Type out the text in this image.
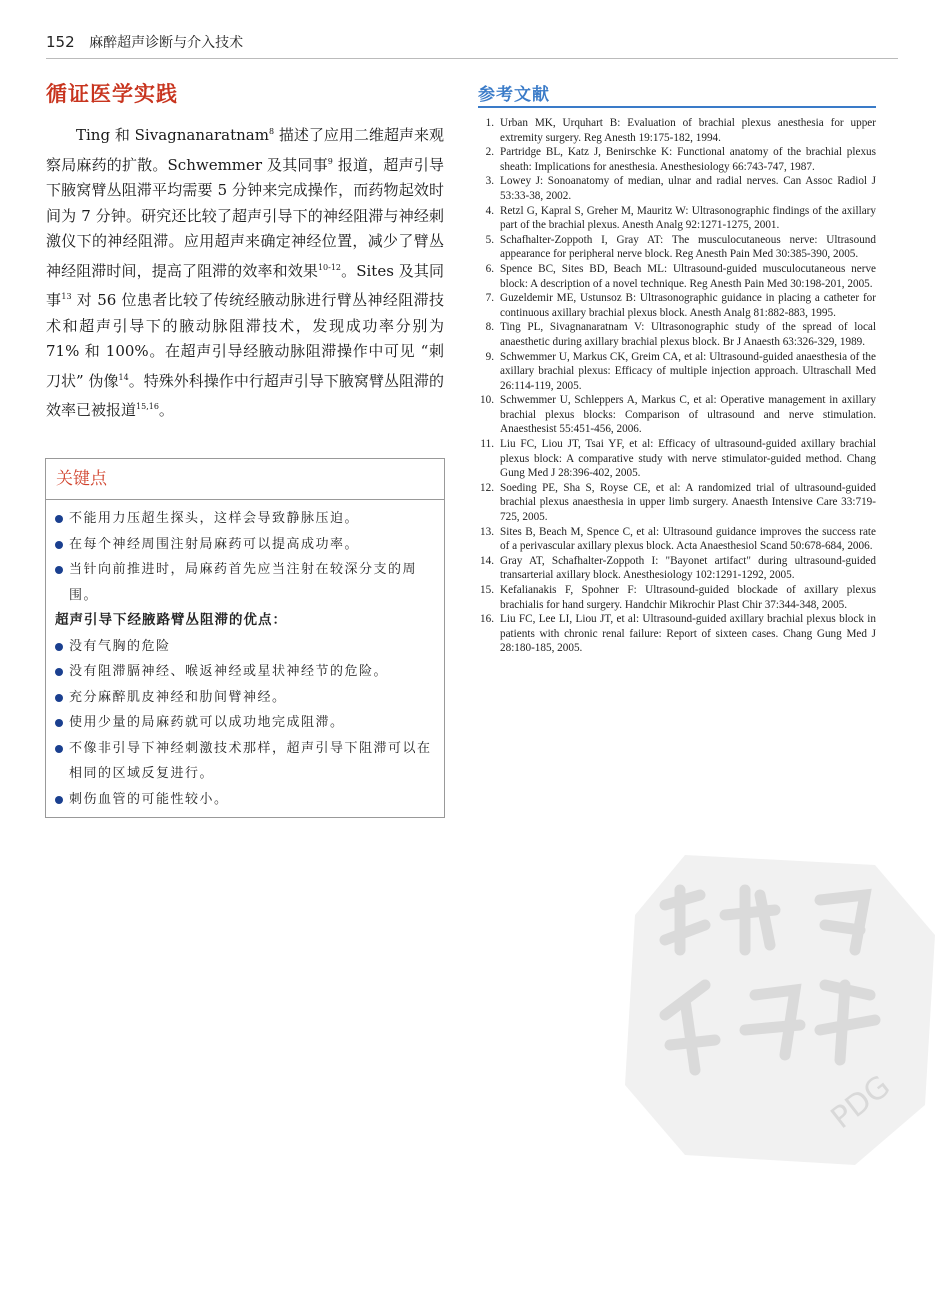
152 麻醉超声诊断与介入技术
循证医学实践
Ting 和 Sivagnanaratnam$^8$ 描述了应用二维超声来观察局麻药的扩散。Schwemmer 及其同事$^9$ 报道，超声引导下腋窝臂丛阻滞平均需要 5 分钟来完成操作，而药物起效时间为 7 分钟。研究还比较了超声引导下的神经阻滞与神经刺激仪下的神经阻滞。应用超声来确定神经位置，减少了臂丛神经阻滞时间，提高了阻滞的效率和效果$^{10-12}$。Sites 及其同事$^{13}$ 对 56 位患者比较了传统经腋动脉进行臂丛神经阻滞技术和超声引导下的腋动脉阻滞技术，发现成功率分别为 71% 和 100%。在超声引导经腋动脉阻滞操作中可见 “刺刀状” 伪像$^{14}$。特殊外科操作中行超声引导下腋窝臂丛阻滞的效率已被报道$^{15,16}$。
关键点
不能用力压超生探头，这样会导致静脉压迫。
在每个神经周围注射局麻药可以提高成功率。
当针向前推进时，局麻药首先应当注射在较深分支的周围。
超声引导下经腋路臂丛阻滞的优点：
没有气胸的危险
没有阻滞膈神经、喉返神经或星状神经节的危险。
充分麻醉肌皮神经和肋间臂神经。
使用少量的局麻药就可以成功地完成阻滞。
不像非引导下神经刺激技术那样，超声引导下阻滞可以在相同的区域反复进行。
刺伤血管的可能性较小。
参考文献
1. Urban MK, Urquhart B: Evaluation of brachial plexus anesthesia for upper extremity surgery. Reg Anesth 19:175-182, 1994.
2. Partridge BL, Katz J, Benirschke K: Functional anatomy of the brachial plexus sheath: Implications for anesthesia. Anesthesiology 66:743-747, 1987.
3. Lowey J: Sonoanatomy of median, ulnar and radial nerves. Can Assoc Radiol J 53:33-38, 2002.
4. Retzl G, Kapral S, Greher M, Mauritz W: Ultrasonographic findings of the axillary part of the brachial plexus. Anesth Analg 92:1271-1275, 2001.
5. Schafhalter-Zoppoth I, Gray AT: The musculocutaneous nerve: Ultrasound appearance for peripheral nerve block. Reg Anesth Pain Med 30:385-390, 2005.
6. Spence BC, Sites BD, Beach ML: Ultrasound-guided musculocutaneous nerve block: A description of a novel technique. Reg Anesth Pain Med 30:198-201, 2005.
7. Guzeldemir ME, Ustunsoz B: Ultrasonographic guidance in placing a catheter for continuous axillary brachial plexus block. Anesth Analg 81:882-883, 1995.
8. Ting PL, Sivagnanaratnam V: Ultrasonographic study of the spread of local anaesthetic during axillary brachial plexus block. Br J Anaesth 63:326-329, 1989.
9. Schwemmer U, Markus CK, Greim CA, et al: Ultrasound-guided anaesthesia of the axillary brachial plexus: Efficacy of multiple injection approach. Ultraschall Med 26:114-119, 2005.
10. Schwemmer U, Schleppers A, Markus C, et al: Operative management in axillary brachial plexus blocks: Comparison of ultrasound and nerve stimulation. Anaesthesist 55:451-456, 2006.
11. Liu FC, Liou JT, Tsai YF, et al: Efficacy of ultrasound-guided axillary brachial plexus block: A comparative study with nerve stimulator-guided method. Chang Gung Med J 28:396-402, 2005.
12. Soeding PE, Sha S, Royse CE, et al: A randomized trial of ultrasound-guided brachial plexus anaesthesia in upper limb surgery. Anaesth Intensive Care 33:719-725, 2005.
13. Sites B, Beach M, Spence C, et al: Ultrasound guidance improves the success rate of a perivascular axillary plexus block. Acta Anaesthesiol Scand 50:678-684, 2006.
14. Gray AT, Schafhalter-Zoppoth I: "Bayonet artifact" during ultrasound-guided transarterial axillary block. Anesthesiology 102:1291-1292, 2005.
15. Kefalianakis F, Spohner F: Ultrasound-guided blockade of axillary plexus brachialis for hand surgery. Handchir Mikrochir Plast Chir 37:344-348, 2005.
16. Liu FC, Lee LI, Liou JT, et al: Ultrasound-guided axillary brachial plexus block in patients with chronic renal failure: Report of sixteen cases. Chang Gung Med J 28:180-185, 2005.
PDG
